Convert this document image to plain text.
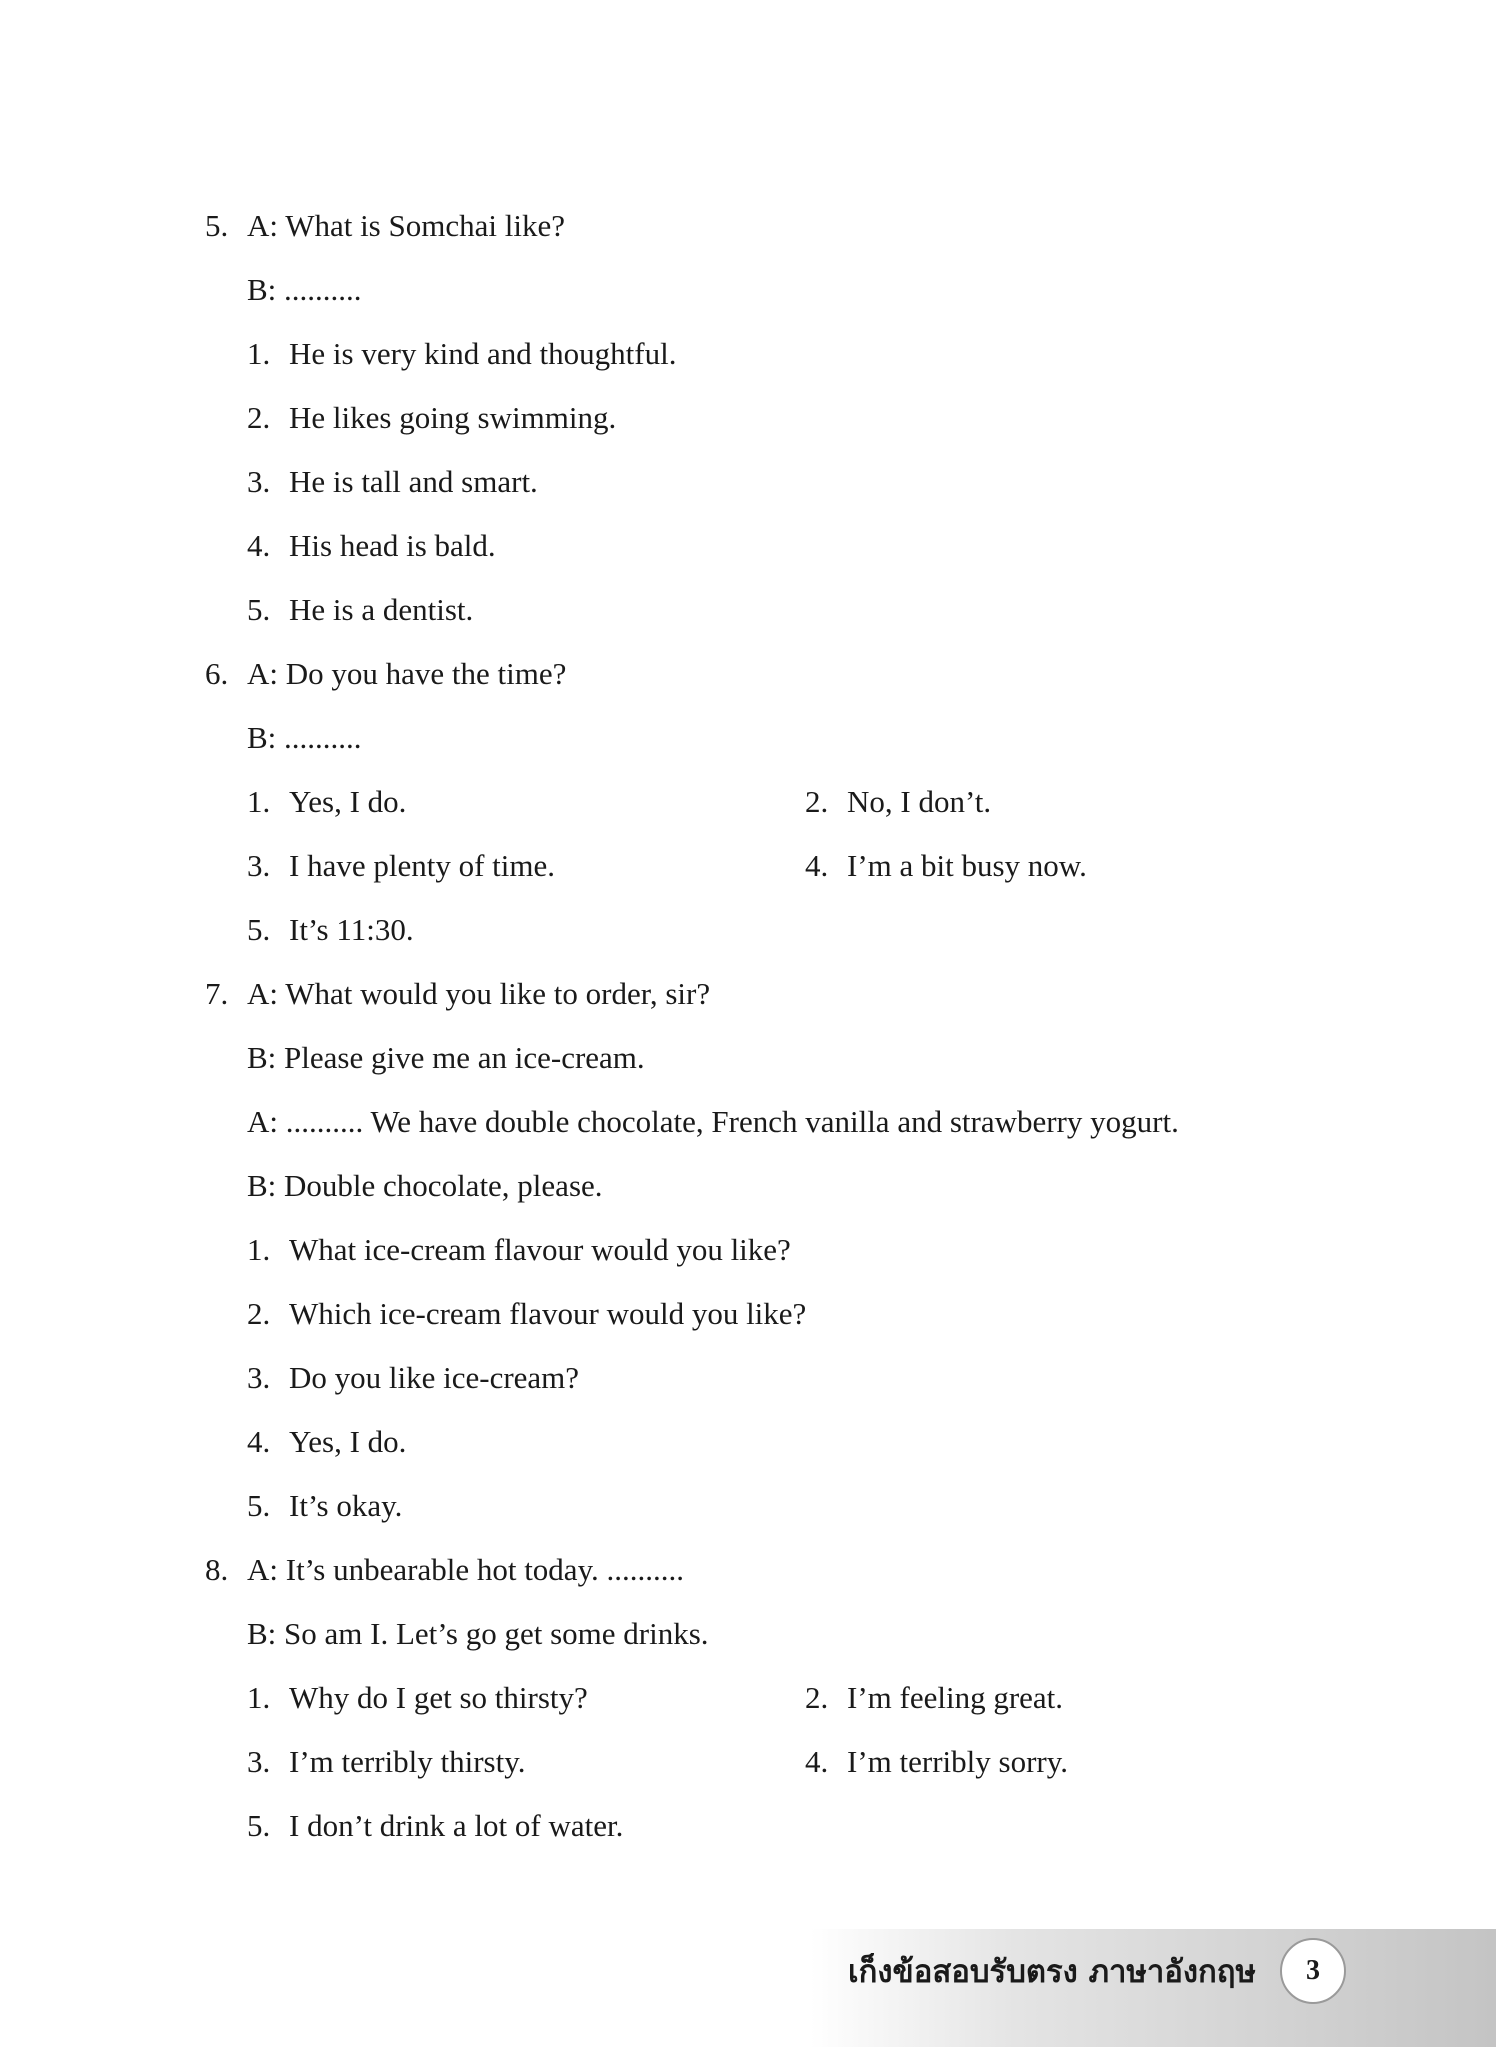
5. A: What is Somchai like?
B: ..........
1. He is very kind and thoughtful.
2. He likes going swimming.
3. He is tall and smart.
4. His head is bald.
5. He is a dentist.
6. A: Do you have the time?
B: ..........
1. Yes, I do.	2. No, I don’t.
3. I have plenty of time.	4. I’m a bit busy now.
5. It’s 11:30.
7. A: What would you like to order, sir?
B: Please give me an ice-cream.
A: .......... We have double chocolate, French vanilla and strawberry yogurt.
B: Double chocolate, please.
1. What ice-cream flavour would you like?
2. Which ice-cream flavour would you like?
3. Do you like ice-cream?
4. Yes, I do.
5. It’s okay.
8. A: It’s unbearable hot today. ..........
B: So am I. Let’s go get some drinks.
1. Why do I get so thirsty?	2. I’m feeling great.
3. I’m terribly thirsty.	4. I’m terribly sorry.
5. I don’t drink a lot of water.
เก็งข้อสอบรับตรง ภาษาอังกฤษ	3
